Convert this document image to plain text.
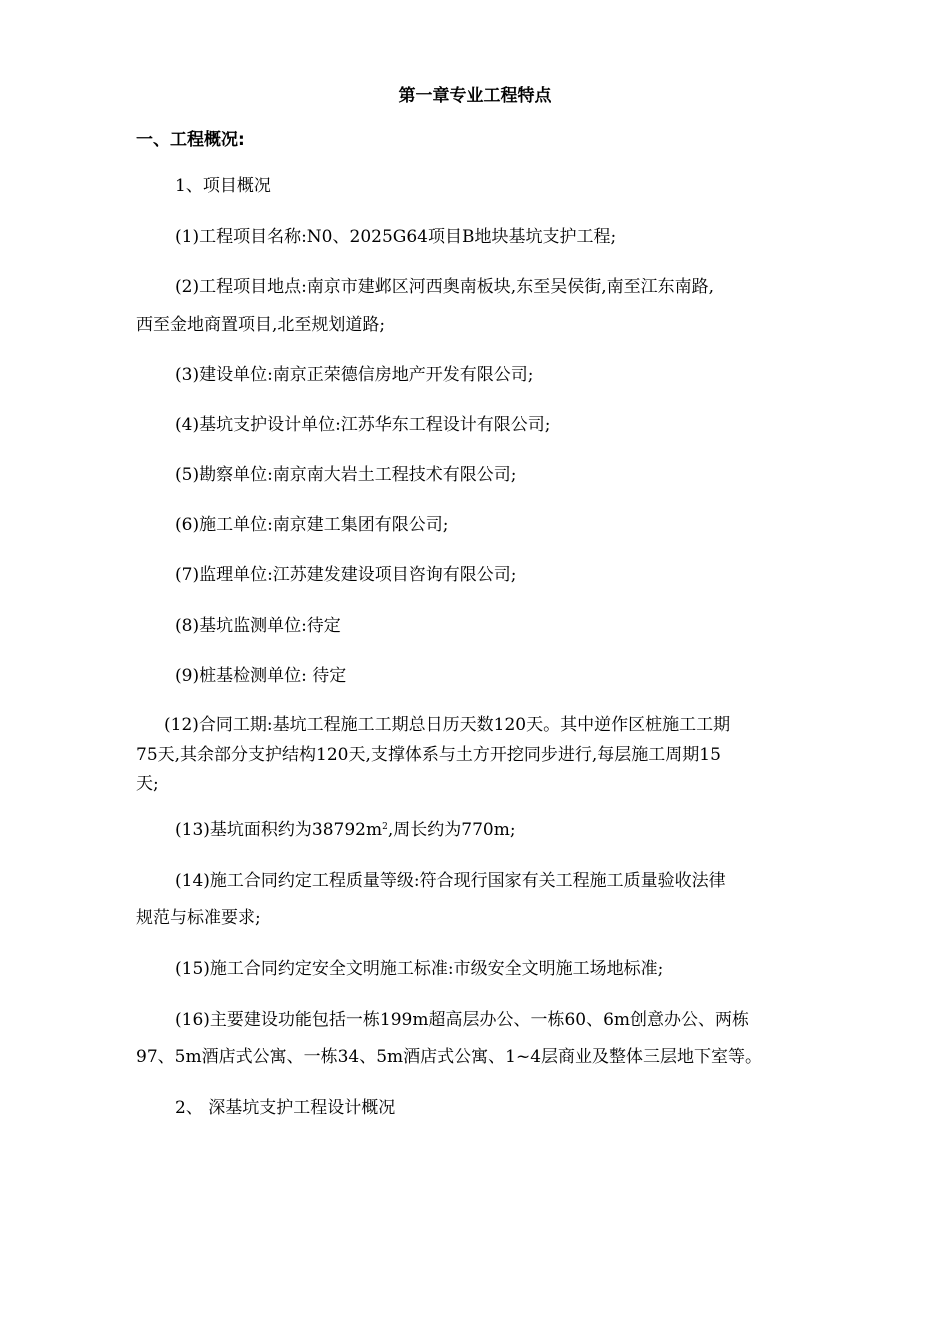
第一章专业工程特点
一、工程概况:
1、项目概况
(1)工程项目名称:N0、2025G64项目B地块基坑支护工程;
(2)工程项目地点:南京市建邺区河西奥南板块,东至吴侯街,南至江东南路,
西至金地商置项目,北至规划道路;
(3)建设单位:南京正荣德信房地产开发有限公司;
(4)基坑支护设计单位:江苏华东工程设计有限公司;
(5)勘察单位:南京南大岩土工程技术有限公司;
(6)施工单位:南京建工集团有限公司;
(7)监理单位:江苏建发建设项目咨询有限公司;
(8)基坑监测单位:待定
(9)桩基检测单位: 待定
(12)合同工期:基坑工程施工工期总日历天数120天。其中逆作区桩施工工期
75天,其余部分支护结构120天,支撑体系与土方开挖同步进行,每层施工周期15
天;
(13)基坑面积约为$38792m^2$,周长约为770m;
(14)施工合同约定工程质量等级:符合现行国家有关工程施工质量验收法律
规范与标准要求;
(15)施工合同约定安全文明施工标准:市级安全文明施工场地标准;
(16)主要建设功能包括一栋199m超高层办公、一栋60、6m创意办公、两栋
97、5m酒店式公寓、一栋34、5m酒店式公寓、1~4层商业及整体三层地下室等。
2、 深基坑支护工程设计概况
